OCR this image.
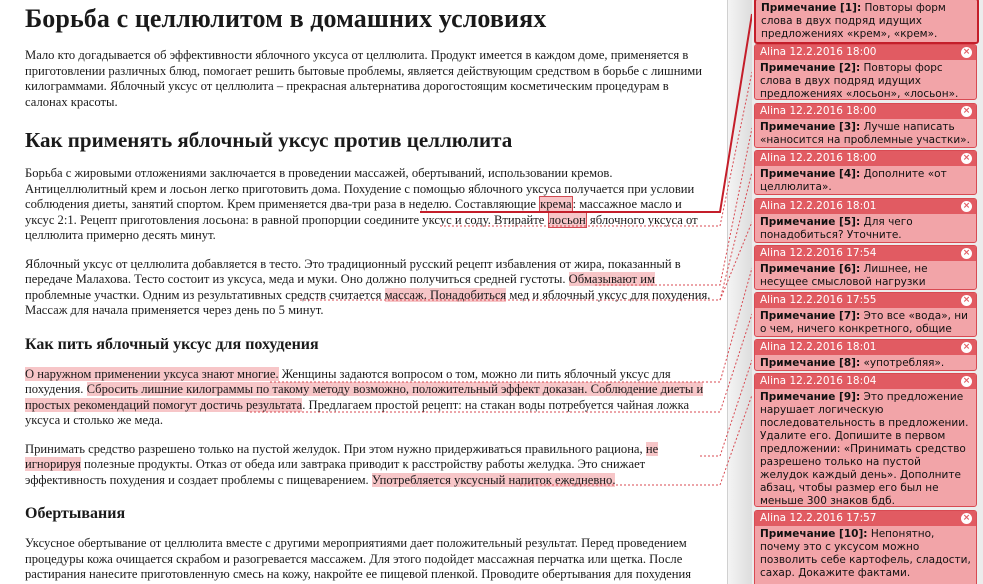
Борьба с целлюлитом в домашних условиях

Мало кто догадывается об эффективности яблочного уксуса от целлюлита. Продукт имеется в каждом доме, применяется в приготовлении различных блюд, помогает решить бытовые проблемы, является действующим средством в борьбе с лишними килограммами. Яблочный уксус от целлюлита – прекрасная альтернатива дорогостоящим косметическим процедурам в салонах красоты.

Как применять яблочный уксус против целлюлита

Борьба с жировыми отложениями заключается в проведении массажей, обертываний, использовании кремов. Антицеллюлитный крем и лосьон легко приготовить дома. Похудение с помощью яблочного уксуса получается при условии соблюдения диеты, занятий спортом. Крем применяется два-три раза в неделю. Составляющие крема: массажное масло и уксус 2:1. Рецепт приготовления лосьона: в равной пропорции соедините уксус и соду. Втирайте лосьон яблочного уксуса от целлюлита примерно десять минут.

Яблочный уксус от целлюлита добавляется в тесто. Это традиционный русский рецепт избавления от жира, показанный в передаче Малахова. Тесто состоит из уксуса, меда и муки. Оно должно получиться средней густоты. Обмазывают им проблемные участки. Одним из результативных средств считается массаж. Понадобиться мед и яблочный уксус для похудения. Массаж для начала применяется через день по 5 минут.

Как пить яблочный уксус для похудения

О наружном применении уксуса знают многие. Женщины задаются вопросом о том, можно ли пить яблочный уксус для похудения. Сбросить лишние килограммы по такому методу возможно, положительный эффект доказан. Соблюдение диеты и простых рекомендаций помогут достичь результата. Предлагаем простой рецепт: на стакан воды потребуется чайная ложка уксуса и столько же меда.

Принимать средство разрешено только на пустой желудок. При этом нужно придерживаться правильного рациона, не игнорируя полезные продукты. Отказ от обеда или завтрака приводит к расстройству работы желудка. Это снижает эффективность похудения и создает проблемы с пищеварением. Употребляется уксусный напиток ежедневно.

Обертывания

Уксусное обертывание от целлюлита вместе с другими мероприятиями дает положительный результат. Перед проведением процедуры кожа очищается скрабом и разогревается массажем. Для этого подойдет массажная перчатка или щетка. После растирания нанесите приготовленную смесь на кожу, накройте ее пищевой пленкой. Проводите обертывания для похудения

Примечание [1]: Повторы форм слова в двух подряд идущих предложениях «крем», «крем».
Alina 12.2.2016 18:00	×
Примечание [2]: Повторы форс слова в двух подряд идущих предложениях «лосьон», «лосьон».
Alina 12.2.2016 18:00	×
Примечание [3]: Лучше написать «наносится на проблемные участки».
Alina 12.2.2016 18:00	×
Примечание [4]: Дополните «от целлюлита».
Alina 12.2.2016 18:01	×
Примечание [5]: Для чего понадобиться? Уточните.
Alina 12.2.2016 17:54	×
Примечание [6]: Лишнее, не несущее смысловой нагрузки
Alina 12.2.2016 17:55	×
Примечание [7]: Это все «вода», ни о чем, ничего конкретного, общие
Alina 12.2.2016 18:01	×
Примечание [8]: «употребляя».
Alina 12.2.2016 18:04	×
Примечание [9]: Это предложение нарушает логическую последовательность в предложении. Удалите его. Допишите в первом предложении: «Принимать средство разрешено только на пустой желудок каждый день». Дополните абзац, чтобы размер его был не меньше 300 знаков бдб.
Alina 12.2.2016 17:57	×
Примечание [10]: Непонятно, почему это с уксусом можно позволить себе картофель, сладости, сахар. Докажите фактами.
